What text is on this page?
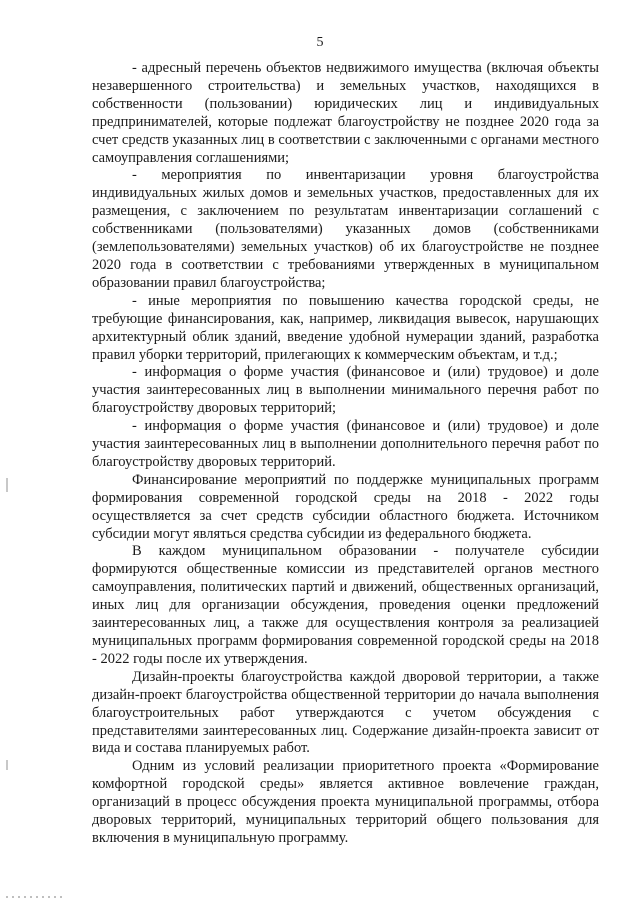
5

- адресный перечень объектов недвижимого имущества (включая объекты незавершенного строительства) и земельных участков, находящихся в собственности (пользовании) юридических лиц и индивидуальных предпринимателей, которые подлежат благоустройству не позднее 2020 года за счет средств указанных лиц в соответствии с заключенными с органами местного самоуправления соглашениями;

- мероприятия по инвентаризации уровня благоустройства индивидуальных жилых домов и земельных участков, предоставленных для их размещения, с заключением по результатам инвентаризации соглашений с собственниками (пользователями) указанных домов (собственниками (землепользователями) земельных участков) об их благоустройстве не позднее 2020 года в соответствии с требованиями утвержденных в муниципальном образовании правил благоустройства;

- иные мероприятия по повышению качества городской среды, не требующие финансирования, как, например, ликвидация вывесок, нарушающих архитектурный облик зданий, введение удобной нумерации зданий, разработка правил уборки территорий, прилегающих к коммерческим объектам, и т.д.;

- информация о форме участия (финансовое и (или) трудовое) и доле участия заинтересованных лиц в выполнении минимального перечня работ по благоустройству дворовых территорий;

- информация о форме участия (финансовое и (или) трудовое) и доле участия заинтересованных лиц в выполнении дополнительного перечня работ по благоустройству дворовых территорий.

Финансирование мероприятий по поддержке муниципальных программ формирования современной городской среды на 2018 - 2022 годы осуществляется за счет средств субсидии областного бюджета. Источником субсидии могут являться средства субсидии из федерального бюджета.

В каждом муниципальном образовании - получателе субсидии формируются общественные комиссии из представителей органов местного самоуправления, политических партий и движений, общественных организаций, иных лиц для организации обсуждения, проведения оценки предложений заинтересованных лиц, а также для осуществления контроля за реализацией муниципальных программ формирования современной городской среды на 2018 - 2022 годы после их утверждения.

Дизайн-проекты благоустройства каждой дворовой территории, а также дизайн-проект благоустройства общественной территории до начала выполнения благоустроительных работ утверждаются с учетом обсуждения с представителями заинтересованных лиц. Содержание дизайн-проекта зависит от вида и состава планируемых работ.

Одним из условий реализации приоритетного проекта «Формирование комфортной городской среды» является активное вовлечение граждан, организаций в процесс обсуждения проекта муниципальной программы, отбора дворовых территорий, муниципальных территорий общего пользования для включения в муниципальную программу.
